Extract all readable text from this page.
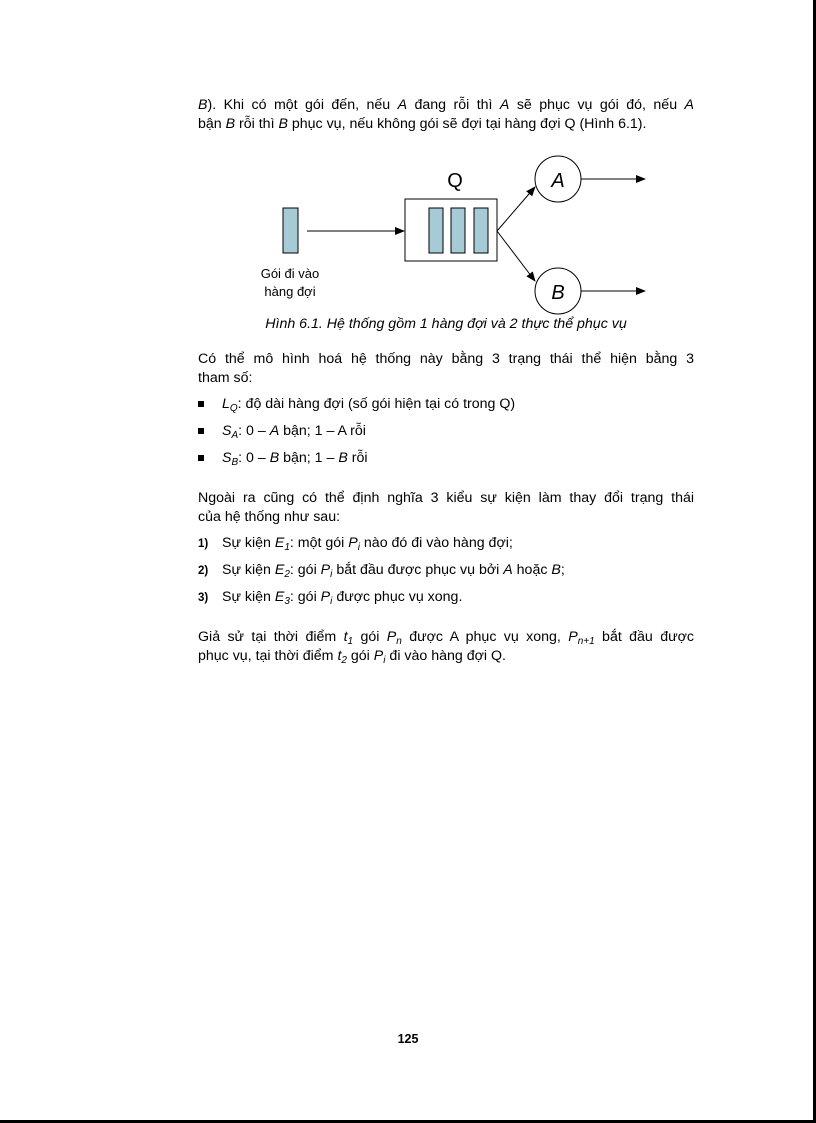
B). Khi có một gói đến, nếu A đang rỗi thì A sẽ phục vụ gói đó, nếu A
bận B rỗi thì B phục vụ, nếu không gói sẽ đợi tại hàng đợi Q (Hình 6.1).
Gói đi vào
hàng đợi
Q	A
B
Hình 6.1. Hệ thống gồm 1 hàng đợi và 2 thực thể phục vụ
Có thể mô hình hoá hệ thống này bằng 3 trạng thái thể hiện bằng 3
tham số:
$L_Q$: độ dài hàng đợi (số gói hiện tại có trong Q)
$S_A$: 0 – A bận; 1 – A rỗi
$S_B$: 0 – B bận; 1 – B rỗi
Ngoài ra cũng có thể định nghĩa 3 kiểu sự kiện làm thay đổi trạng thái
của hệ thống như sau:
1) Sự kiện $E_1$: một gói $P_i$ nào đó đi vào hàng đợi;
2) Sự kiện $E_2$: gói $P_i$ bắt đầu được phục vụ bởi A hoặc B;
3) Sự kiện $E_3$: gói $P_i$ được phục vụ xong.
Giả sử tại thời điểm $t_1$ gói $P_n$ được A phục vụ xong, $P_{n+1}$ bắt đầu được
phục vụ, tại thời điểm $t_2$ gói $P_i$ đi vào hàng đợi Q.
125
